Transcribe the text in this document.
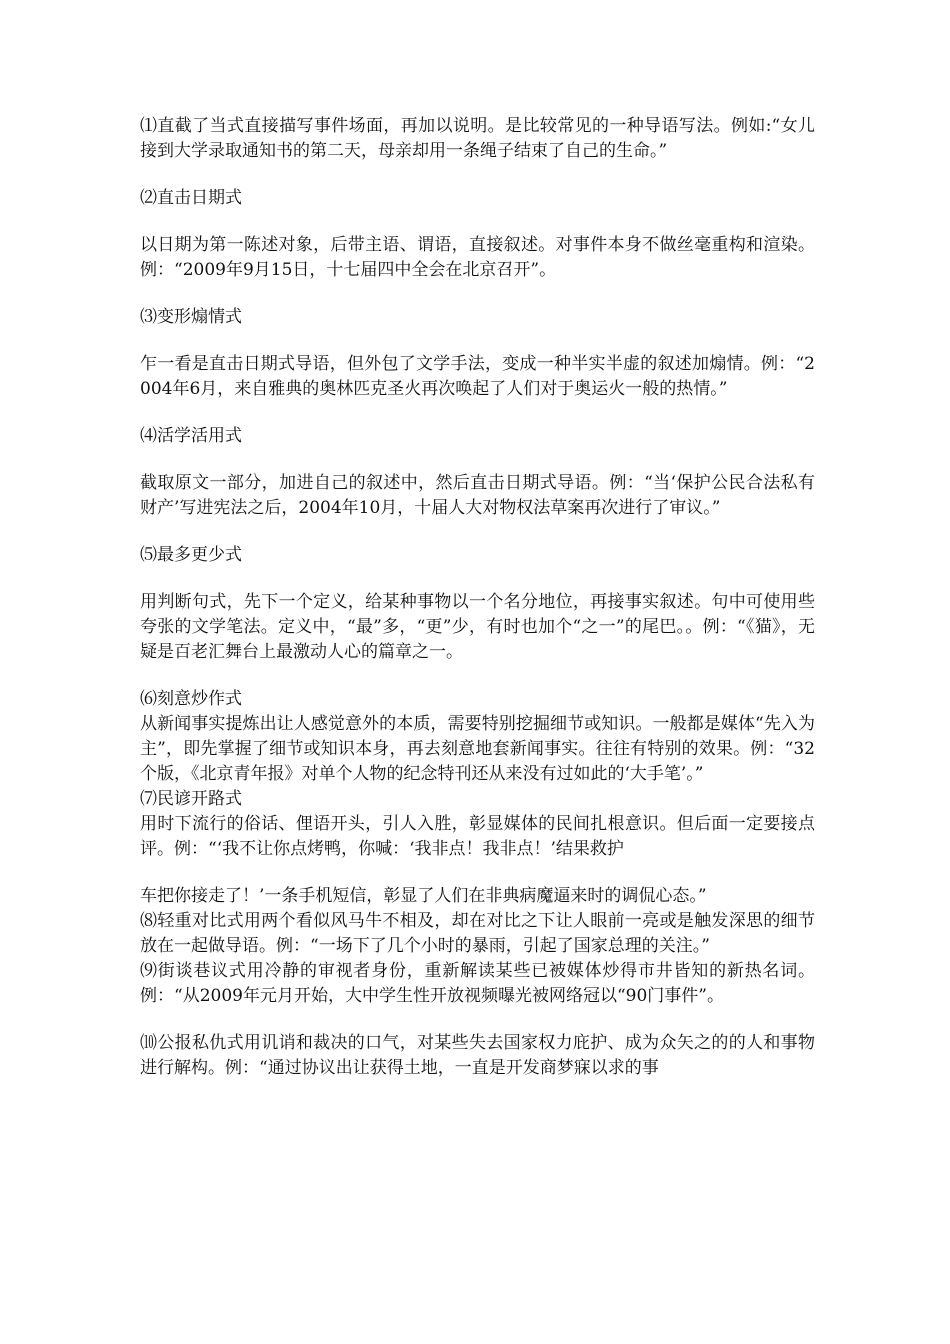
⑴直截了当式直接描写事件场面，再加以说明。是比较常见的一种导语写法。例如:“女儿接到大学录取通知书的第二天，母亲却用一条绳子结束了自己的生命。”

⑵直击日期式

以日期为第一陈述对象，后带主语、谓语，直接叙述。对事件本身不做丝毫重构和渲染。例：“2009年9月15日，十七届四中全会在北京召开”。

⑶变形煽情式

乍一看是直击日期式导语，但外包了文学手法，变成一种半实半虚的叙述加煽情。例：“2004年6月，来自雅典的奥林匹克圣火再次唤起了人们对于奥运火一般的热情。”

⑷活学活用式

截取原文一部分，加进自己的叙述中，然后直击日期式导语。例：“当‘保护公民合法私有财产’写进宪法之后，2004年10月，十届人大对物权法草案再次进行了审议。”

⑸最多更少式

用判断句式，先下一个定义，给某种事物以一个名分地位，再接事实叙述。句中可使用些夸张的文学笔法。定义中，“最”多，“更”少，有时也加个“之一”的尾巴。。例：“《猫》，无疑是百老汇舞台上最激动人心的篇章之一。

⑹刻意炒作式

从新闻事实提炼出让人感觉意外的本质，需要特别挖掘细节或知识。一般都是媒体“先入为主”，即先掌握了细节或知识本身，再去刻意地套新闻事实。往往有特别的效果。例：“32个版，《北京青年报》对单个人物的纪念特刊还从来没有过如此的‘大手笔’。”

⑺民谚开路式

用时下流行的俗话、俚语开头，引人入胜，彰显媒体的民间扎根意识。但后面一定要接点评。例：“‘我不让你点烤鸭，你喊：‘我非点！我非点！’结果救护

车把你接走了！’一条手机短信，彰显了人们在非典病魔逼来时的调侃心态。”

⑻轻重对比式用两个看似风马牛不相及，却在对比之下让人眼前一亮或是触发深思的细节放在一起做导语。例：“一场下了几个小时的暴雨，引起了国家总理的关注。”

⑼街谈巷议式用冷静的审视者身份，重新解读某些已被媒体炒得市井皆知的新热名词。例：“从2009年元月开始，大中学生性开放视频曝光被网络冠以“90门事件”。

⑽公报私仇式用讥诮和裁决的口气，对某些失去国家权力庇护、成为众矢之的的人和事物进行解构。例：“通过协议出让获得土地，一直是开发商梦寐以求的事
